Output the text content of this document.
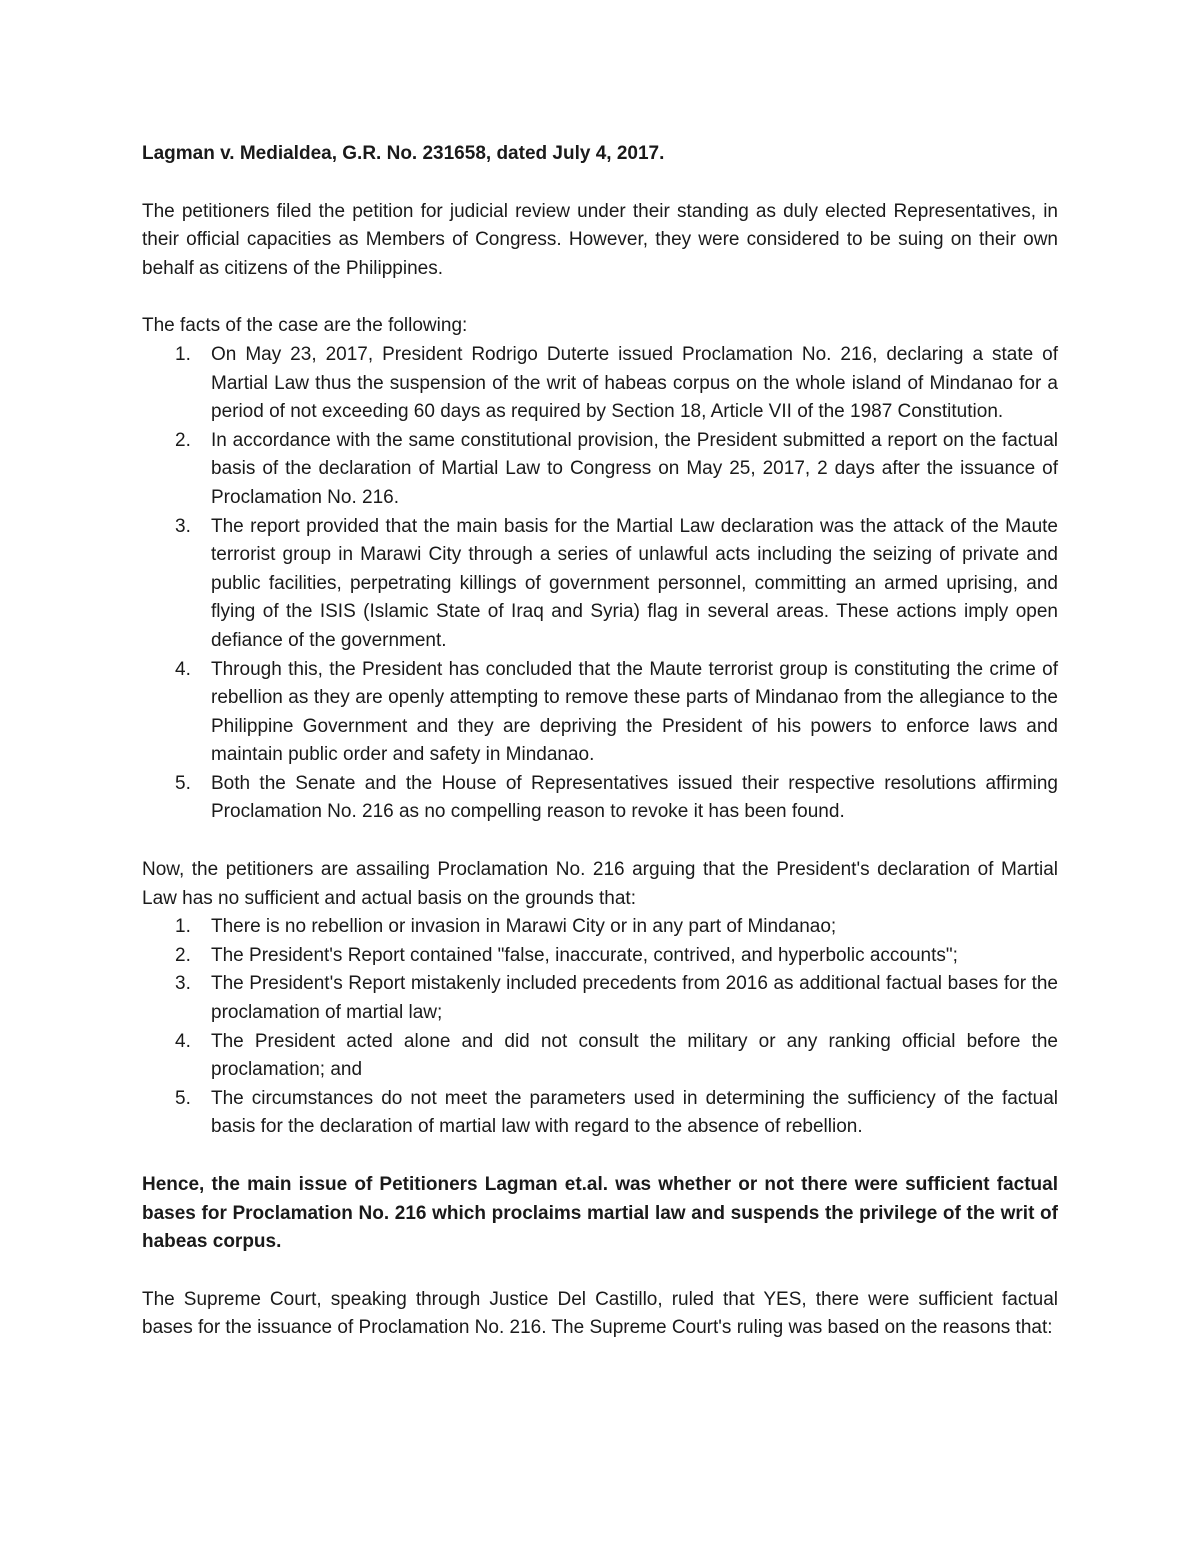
Lagman v. Medialdea, G.R. No. 231658, dated July 4, 2017.

The petitioners filed the petition for judicial review under their standing as duly elected Representatives, in their official capacities as Members of Congress. However, they were considered to be suing on their own behalf as citizens of the Philippines.

The facts of the case are the following:

1. On May 23, 2017, President Rodrigo Duterte issued Proclamation No. 216, declaring a state of Martial Law thus the suspension of the writ of habeas corpus on the whole island of Mindanao for a period of not exceeding 60 days as required by Section 18, Article VII of the 1987 Constitution.
2. In accordance with the same constitutional provision, the President submitted a report on the factual basis of the declaration of Martial Law to Congress on May 25, 2017, 2 days after the issuance of Proclamation No. 216.
3. The report provided that the main basis for the Martial Law declaration was the attack of the Maute terrorist group in Marawi City through a series of unlawful acts including the seizing of private and public facilities, perpetrating killings of government personnel, committing an armed uprising, and flying of the ISIS (Islamic State of Iraq and Syria) flag in several areas. These actions imply open defiance of the government.
4. Through this, the President has concluded that the Maute terrorist group is constituting the crime of rebellion as they are openly attempting to remove these parts of Mindanao from the allegiance to the Philippine Government and they are depriving the President of his powers to enforce laws and maintain public order and safety in Mindanao.
5. Both the Senate and the House of Representatives issued their respective resolutions affirming Proclamation No. 216 as no compelling reason to revoke it has been found.

Now, the petitioners are assailing Proclamation No. 216 arguing that the President's declaration of Martial Law has no sufficient and actual basis on the grounds that:

1. There is no rebellion or invasion in Marawi City or in any part of Mindanao;
2. The President's Report contained "false, inaccurate, contrived, and hyperbolic accounts";
3. The President's Report mistakenly included precedents from 2016 as additional factual bases for the proclamation of martial law;
4. The President acted alone and did not consult the military or any ranking official before the proclamation; and
5. The circumstances do not meet the parameters used in determining the sufficiency of the factual basis for the declaration of martial law with regard to the absence of rebellion.

Hence, the main issue of Petitioners Lagman et.al. was whether or not there were sufficient factual bases for Proclamation No. 216 which proclaims martial law and suspends the privilege of the writ of habeas corpus.

The Supreme Court, speaking through Justice Del Castillo, ruled that YES, there were sufficient factual bases for the issuance of Proclamation No. 216. The Supreme Court's ruling was based on the reasons that:
